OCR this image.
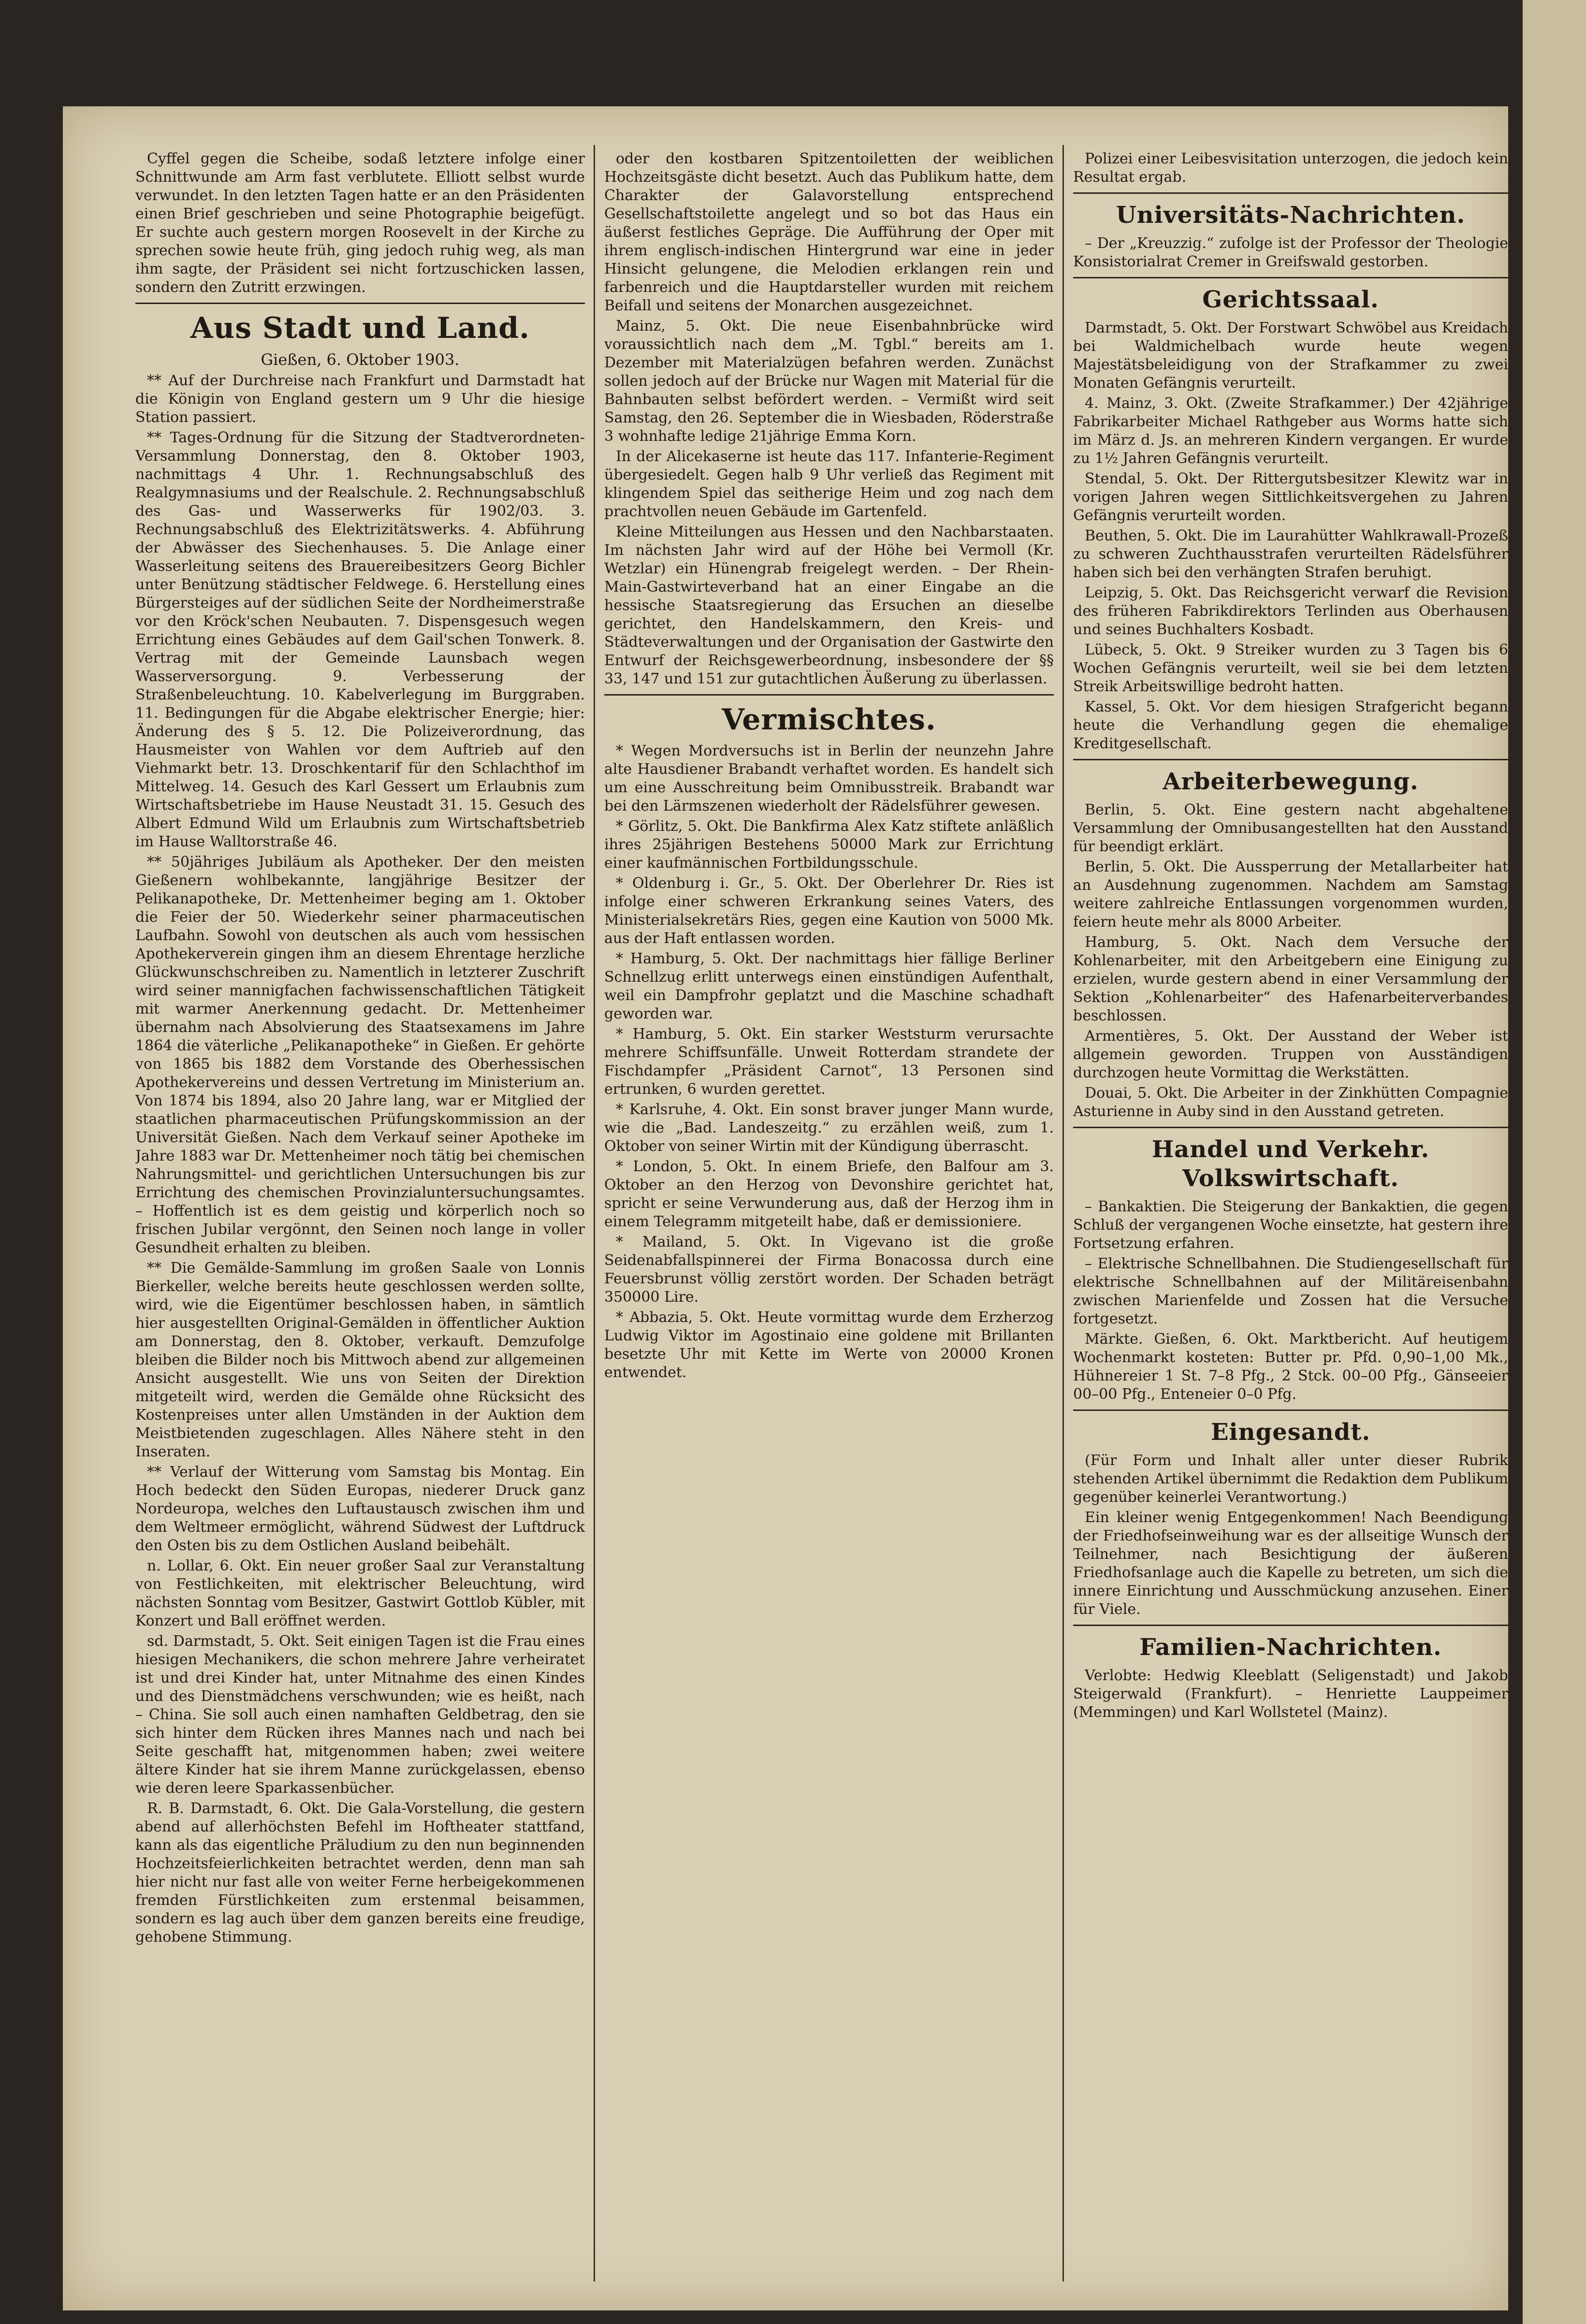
Cyffel gegen die Scheibe, sodaß letztere infolge einer Schnittwunde am Arm fast verblutete. Elliott selbst wurde verwundet. In den letzten Tagen hatte er an den Präsidenten einen Brief geschrieben und seine Photographie beigefügt. Er suchte auch gestern morgen Roosevelt in der Kirche zu sprechen sowie heute früh, ging jedoch ruhig weg, als man ihm sagte, der Präsident sei nicht fortzuschicken lassen, sondern den Zutritt erzwingen.

Aus Stadt und Land.
Gießen, 6. Oktober 1903.

** Auf der Durchreise nach Frankfurt und Darmstadt hat die Königin von England gestern um 9 Uhr die hiesige Station passiert.

** Tages-Ordnung für die Sitzung der Stadtverordneten-Versammlung Donnerstag, den 8. Oktober 1903, nachmittags 4 Uhr. 1. Rechnungsabschluß des Realgymnasiums und der Realschule. 2. Rechnungsabschluß des Gas- und Wasserwerks für 1902/03. 3. Rechnungsabschluß des Elektrizitätswerks. 4. Abführung der Abwässer des Siechenhauses. 5. Die Anlage einer Wasserleitung seitens des Brauereibesitzers Georg Bichler unter Benützung städtischer Feldwege. 6. Herstellung eines Bürgersteiges auf der südlichen Seite der Nordheimerstraße vor den Kröck'schen Neubauten. 7. Dispensgesuch wegen Errichtung eines Gebäudes auf dem Gail'schen Tonwerk. 8. Vertrag mit der Gemeinde Launsbach wegen Wasserversorgung. 9. Verbesserung der Straßenbeleuchtung. 10. Kabelverlegung im Burggraben. 11. Bedingungen für die Abgabe elektrischer Energie; hier: Änderung des § 5. 12. Die Polizeiverordnung, das Hausmeister von Wahlen vor dem Auftrieb auf den Viehmarkt betr. 13. Droschkentarif für den Schlachthof im Mittelweg. 14. Gesuch des Karl Gessert um Erlaubnis zum Wirtschaftsbetriebe im Hause Neustadt 31. 15. Gesuch des Albert Edmund Wild um Erlaubnis zum Wirtschaftsbetrieb im Hause Walltorstraße 46.

** 50jähriges Jubiläum als Apotheker. Der den meisten Gießenern wohlbekannte, langjährige Besitzer der Pelikanapotheke, Dr. Mettenheimer beging am 1. Oktober die Feier der 50. Wiederkehr seiner pharmaceutischen Laufbahn. Sowohl von deutschen als auch vom hessischen Apothekerverein gingen ihm an diesem Ehrentage herzliche Glückwunschschreiben zu. Namentlich in letzterer Zuschrift wird seiner mannigfachen fachwissenschaftlichen Tätigkeit mit warmer Anerkennung gedacht. Dr. Mettenheimer übernahm nach Absolvierung des Staatsexamens im Jahre 1864 die väterliche „Pelikanapotheke“ in Gießen. Er gehörte von 1865 bis 1882 dem Vorstande des Oberhessischen Apothekervereins und dessen Vertretung im Ministerium an. Von 1874 bis 1894, also 20 Jahre lang, war er Mitglied der staatlichen pharmaceutischen Prüfungskommission an der Universität Gießen. Nach dem Verkauf seiner Apotheke im Jahre 1883 war Dr. Mettenheimer noch tätig bei chemischen Nahrungsmittel- und gerichtlichen Untersuchungen bis zur Errichtung des chemischen Provinzialuntersuchungsamtes. – Hoffentlich ist es dem geistig und körperlich noch so frischen Jubilar vergönnt, den Seinen noch lange in voller Gesundheit erhalten zu bleiben.

** Die Gemälde-Sammlung im großen Saale von Lonnis Bierkeller, welche bereits heute geschlossen werden sollte, wird, wie die Eigentümer beschlossen haben, in sämtlich hier ausgestellten Original-Gemälden in öffentlicher Auktion am Donnerstag, den 8. Oktober, verkauft. Demzufolge bleiben die Bilder noch bis Mittwoch abend zur allgemeinen Ansicht ausgestellt. Wie uns von Seiten der Direktion mitgeteilt wird, werden die Gemälde ohne Rücksicht des Kostenpreises unter allen Umständen in der Auktion dem Meistbietenden zugeschlagen. Alles Nähere steht in den Inseraten.

** Verlauf der Witterung vom Samstag bis Montag. Ein Hoch bedeckt den Süden Europas, niederer Druck ganz Nordeuropa, welches den Luftaustausch zwischen ihm und dem Weltmeer ermöglicht, während Südwest der Luftdruck den Osten bis zu dem Ostlichen Ausland beibehält.

n. Lollar, 6. Okt. Ein neuer großer Saal zur Veranstaltung von Festlichkeiten, mit elektrischer Beleuchtung, wird nächsten Sonntag vom Besitzer, Gastwirt Gottlob Kübler, mit Konzert und Ball eröffnet werden.

sd. Darmstadt, 5. Okt. Seit einigen Tagen ist die Frau eines hiesigen Mechanikers, die schon mehrere Jahre verheiratet ist und drei Kinder hat, unter Mitnahme des einen Kindes und des Dienstmädchens verschwunden; wie es heißt, nach – China. Sie soll auch einen namhaften Geldbetrag, den sie sich hinter dem Rücken ihres Mannes nach und nach bei Seite geschafft hat, mitgenommen haben; zwei weitere ältere Kinder hat sie ihrem Manne zurückgelassen, ebenso wie deren leere Sparkassenbücher.

R. B. Darmstadt, 6. Okt. Die Gala-Vorstellung, die gestern abend auf allerhöchsten Befehl im Hoftheater stattfand, kann als das eigentliche Präludium zu den nun beginnenden Hochzeitsfeierlichkeiten betrachtet werden, denn man sah hier nicht nur fast alle von weiter Ferne herbeigekommenen fremden Fürstlichkeiten zum erstenmal beisammen, sondern es lag auch über dem ganzen bereits eine freudige, gehobene Stimmung.

oder den kostbaren Spitzentoiletten der weiblichen Hochzeitsgäste dicht besetzt. Auch das Publikum hatte, dem Charakter der Galavorstellung entsprechend Gesellschaftstoilette angelegt und so bot das Haus ein äußerst festliches Gepräge. Die Aufführung der Oper mit ihrem englisch-indischen Hintergrund war eine in jeder Hinsicht gelungene, die Melodien erklangen rein und farbenreich und die Hauptdarsteller wurden mit reichem Beifall und seitens der Monarchen ausgezeichnet.

Mainz, 5. Okt. Die neue Eisenbahnbrücke wird voraussichtlich nach dem „M. Tgbl.“ bereits am 1. Dezember mit Materialzügen befahren werden. Zunächst sollen jedoch auf der Brücke nur Wagen mit Material für die Bahnbauten selbst befördert werden. – Vermißt wird seit Samstag, den 26. September die in Wiesbaden, Röderstraße 3 wohnhafte ledige 21jährige Emma Korn.

In der Alicekaserne ist heute das 117. Infanterie-Regiment übergesiedelt. Gegen halb 9 Uhr verließ das Regiment mit klingendem Spiel das seitherige Heim und zog nach dem prachtvollen neuen Gebäude im Gartenfeld.

Kleine Mitteilungen aus Hessen und den Nachbarstaaten. Im nächsten Jahr wird auf der Höhe bei Vermoll (Kr. Wetzlar) ein Hünengrab freigelegt werden. – Der Rhein-Main-Gastwirteverband hat an einer Eingabe an die hessische Staatsregierung das Ersuchen an dieselbe gerichtet, den Handelskammern, den Kreis- und Städteverwaltungen und der Organisation der Gastwirte den Entwurf der Reichsgewerbeordnung, insbesondere der §§ 33, 147 und 151 zur gutachtlichen Äußerung zu überlassen.

Vermischtes.

* Wegen Mordversuchs ist in Berlin der neunzehn Jahre alte Hausdiener Brabandt verhaftet worden. Es handelt sich um eine Ausschreitung beim Omnibusstreik. Brabandt war bei den Lärmszenen wiederholt der Rädelsführer gewesen.

* Görlitz, 5. Okt. Die Bankfirma Alex Katz stiftete anläßlich ihres 25jährigen Bestehens 50000 Mark zur Errichtung einer kaufmännischen Fortbildungsschule.

* Oldenburg i. Gr., 5. Okt. Der Oberlehrer Dr. Ries ist infolge einer schweren Erkrankung seines Vaters, des Ministerialsekretärs Ries, gegen eine Kaution von 5000 Mk. aus der Haft entlassen worden.

* Hamburg, 5. Okt. Der nachmittags hier fällige Berliner Schnellzug erlitt unterwegs einen einstündigen Aufenthalt, weil ein Dampfrohr geplatzt und die Maschine schadhaft geworden war.

* Hamburg, 5. Okt. Ein starker Weststurm verursachte mehrere Schiffsunfälle. Unweit Rotterdam strandete der Fischdampfer „Präsident Carnot“, 13 Personen sind ertrunken, 6 wurden gerettet.

* Karlsruhe, 4. Okt. Ein sonst braver junger Mann wurde, wie die „Bad. Landeszeitg.“ zu erzählen weiß, zum 1. Oktober von seiner Wirtin mit der Kündigung überrascht.

* London, 5. Okt. In einem Briefe, den Balfour am 3. Oktober an den Herzog von Devonshire gerichtet hat, spricht er seine Verwunderung aus, daß der Herzog ihm in einem Telegramm mitgeteilt habe, daß er demissioniere.

* Mailand, 5. Okt. In Vigevano ist die große Seidenabfallspinnerei der Firma Bonacossa durch eine Feuersbrunst völlig zerstört worden. Der Schaden beträgt 350000 Lire.

* Abbazia, 5. Okt. Heute vormittag wurde dem Erzherzog Ludwig Viktor im Agostinaio eine goldene mit Brillanten besetzte Uhr mit Kette im Werte von 20000 Kronen entwendet.

Polizei einer Leibesvisitation unterzogen, die jedoch kein Resultat ergab.

Universitäts-Nachrichten.

– Der „Kreuzzig.“ zufolge ist der Professor der Theologie Konsistorialrat Cremer in Greifswald gestorben.

Gerichtssaal.

Darmstadt, 5. Okt. Der Forstwart Schwöbel aus Kreidach bei Waldmichelbach wurde heute wegen Majestätsbeleidigung von der Strafkammer zu zwei Monaten Gefängnis verurteilt.

4. Mainz, 3. Okt. (Zweite Strafkammer.) Der 42jährige Fabrikarbeiter Michael Rathgeber aus Worms hatte sich im März d. Js. an mehreren Kindern vergangen. Er wurde zu 1½ Jahren Gefängnis verurteilt.

Stendal, 5. Okt. Der Rittergutsbesitzer Klewitz war in vorigen Jahren wegen Sittlichkeitsvergehen zu Jahren Gefängnis verurteilt worden.

Beuthen, 5. Okt. Die im Laurahütter Wahlkrawall-Prozeß zu schweren Zuchthausstrafen verurteilten Rädelsführer haben sich bei den verhängten Strafen beruhigt.

Leipzig, 5. Okt. Das Reichsgericht verwarf die Revision des früheren Fabrikdirektors Terlinden aus Oberhausen und seines Buchhalters Kosbadt.

Lübeck, 5. Okt. 9 Streiker wurden zu 3 Tagen bis 6 Wochen Gefängnis verurteilt, weil sie bei dem letzten Streik Arbeitswillige bedroht hatten.

Kassel, 5. Okt. Vor dem hiesigen Strafgericht begann heute die Verhandlung gegen die ehemalige Kreditgesellschaft.

Arbeiterbewegung.

Berlin, 5. Okt. Eine gestern nacht abgehaltene Versammlung der Omnibusangestellten hat den Ausstand für beendigt erklärt.

Berlin, 5. Okt. Die Aussperrung der Metallarbeiter hat an Ausdehnung zugenommen. Nachdem am Samstag weitere zahlreiche Entlassungen vorgenommen wurden, feiern heute mehr als 8000 Arbeiter.

Hamburg, 5. Okt. Nach dem Versuche der Kohlenarbeiter, mit den Arbeitgebern eine Einigung zu erzielen, wurde gestern abend in einer Versammlung der Sektion „Kohlenarbeiter“ des Hafenarbeiterverbandes beschlossen.

Armentières, 5. Okt. Der Ausstand der Weber ist allgemein geworden. Truppen von Ausständigen durchzogen heute Vormittag die Werkstätten.

Douai, 5. Okt. Die Arbeiter in der Zinkhütten Compagnie Asturienne in Auby sind in den Ausstand getreten.

Handel und Verkehr. Volkswirtschaft.

– Bankaktien. Die Steigerung der Bankaktien, die gegen Schluß der vergangenen Woche einsetzte, hat gestern ihre Fortsetzung erfahren.

– Elektrische Schnellbahnen. Die Studiengesellschaft für elektrische Schnellbahnen auf der Militäreisenbahn zwischen Marienfelde und Zossen hat die Versuche fortgesetzt.

Märkte. Gießen, 6. Okt. Marktbericht. Auf heutigem Wochenmarkt kosteten: Butter pr. Pfd. 0,90–1,00 Mk., Hühnereier 1 St. 7–8 Pfg., 2 Stck. 00–00 Pfg., Gänseeier 00–00 Pfg., Enteneier 0–0 Pfg.

Eingesandt.

(Für Form und Inhalt aller unter dieser Rubrik stehenden Artikel übernimmt die Redaktion dem Publikum gegenüber keinerlei Verantwortung.)

Ein kleiner wenig Entgegenkommen! Nach Beendigung der Friedhofseinweihung war es der allseitige Wunsch der Teilnehmer, nach Besichtigung der äußeren Friedhofsanlage auch die Kapelle zu betreten, um sich die innere Einrichtung und Ausschmückung anzusehen. Einer für Viele.

Familien-Nachrichten.

Verlobte: Hedwig Kleeblatt (Seligenstadt) und Jakob Steigerwald (Frankfurt). – Henriette Lauppeimer (Memmingen) und Karl Wollstetel (Mainz).
